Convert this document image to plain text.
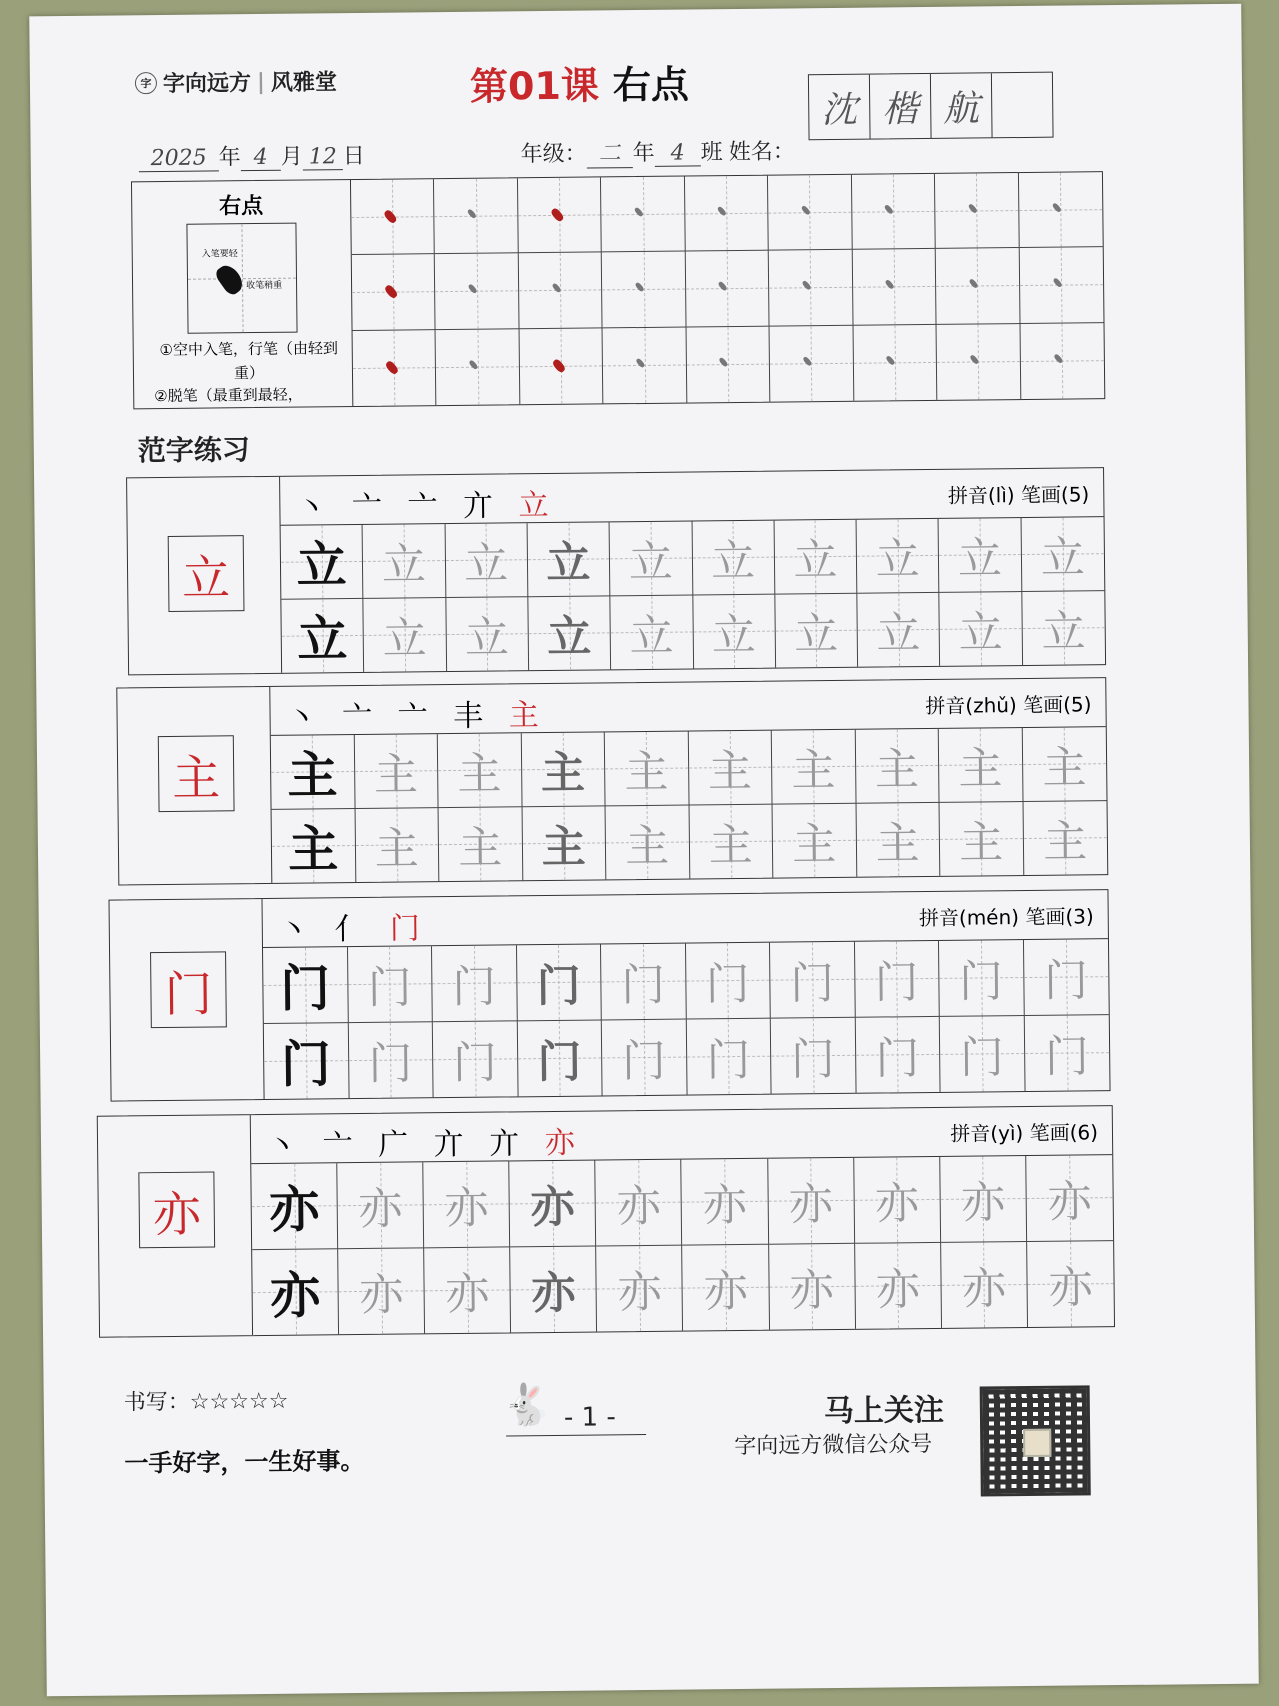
字 字向远方 | 风雅堂	第01课 右点
2025 年 4 月 12 日	年级： 二 年 4 班 姓名：
沈 楷 航
右点
入笔要轻
收笔稍重
①空中入笔，行笔（由轻到重）
②脱笔（最重到最轻，
范字练习
立
丶 亠 亠 亣 立	拼音(lì) 笔画(5)
立 立 立 立 立 立 立 立 立 立
立 立 立 立 立 立 立 立 立 立
主
丶 亠 亠 丰 主	拼音(zhǔ) 笔画(5)
主 主 主 主 主 主 主 主 主 主
主 主 主 主 主 主 主 主 主 主
门
丶 亻 门	拼音(mén) 笔画(3)
门 门 门 门 门 门 门 门 门 门
门 门 门 门 门 门 门 门 门 门
亦
丶 亠 广 亣 亣 亦	拼音(yì) 笔画(6)
亦 亦 亦 亦 亦 亦 亦 亦 亦 亦
亦 亦 亦 亦 亦 亦 亦 亦 亦 亦
书写：☆☆☆☆☆
一手好字，一生好事。
🐇 - 1 -	马上关注
字向远方微信公众号
